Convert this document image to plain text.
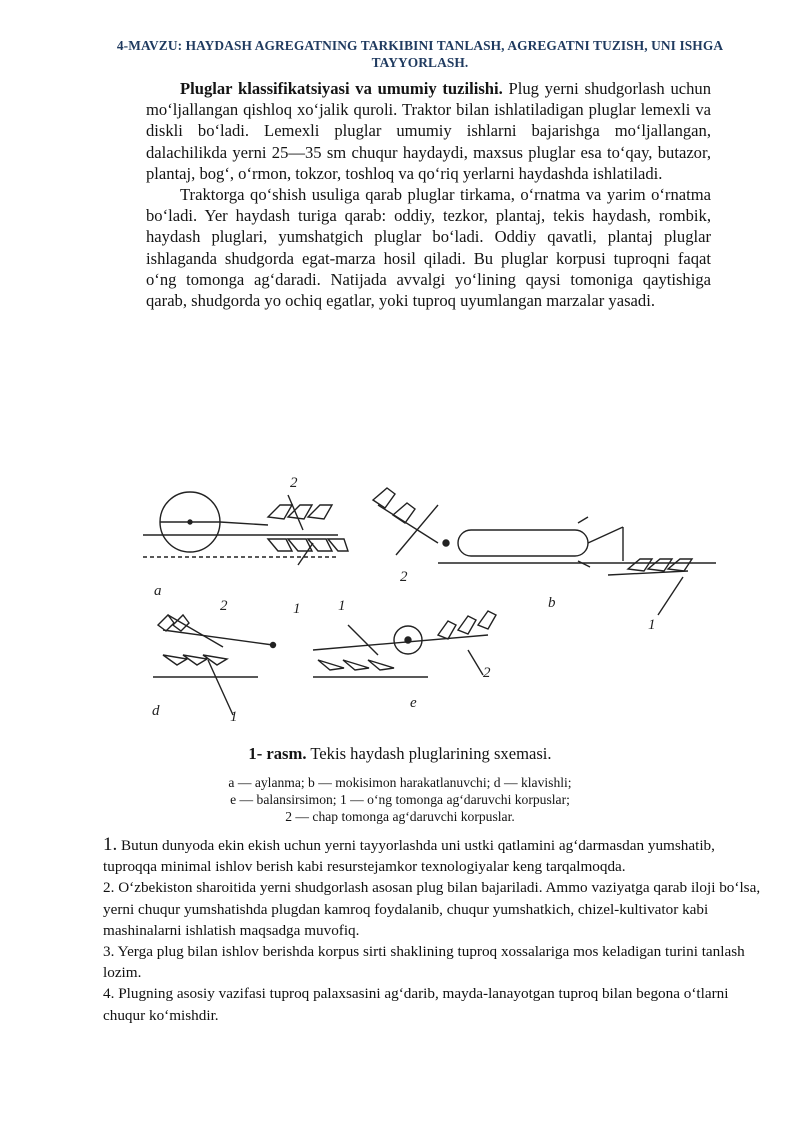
4-MAVZU: HAYDASH AGREGATNING TARKIBINI TANLASH, AGREGATNI TUZISH, UNI ISHGA TAYYORLASH.

Pluglar klassifikatsiyasi va umumiy tuzilishi. Plug yerni shudgorlash uchun moʻljallangan qishloq xoʻjalik quroli. Traktor bilan ishlatiladigan pluglar lemexli va diskli boʻladi. Lemexli pluglar umumiy ishlarni bajarishga moʻljallangan, dalachilikda yerni 25—35 sm chuqur haydaydi, maxsus pluglar esa toʻqay, butazor, plantaj, bogʻ, oʻrmon, tokzor, toshloq va qoʻriq yerlarni haydashda ishlatiladi.

Traktorga qoʻshish usuliga qarab pluglar tirkama, oʻrnatma va yarim oʻrnatma boʻladi. Yer haydash turiga qarab: oddiy, tezkor, plantaj, tekis haydash, rombik, haydash pluglari, yumshatgich pluglar boʻladi. Oddiy qavatli, plantaj pluglar ishlaganda shudgorda egat-marza hosil qiladi. Bu pluglar korpusi tuproqni faqat oʻng tomonga agʻdaradi. Natijada avvalgi yoʻlining qaysi tomoniga qaytishiga qarab, shudgorda yo ochiq egatlar, yoki tuproq uyumlangan marzalar yasadi.

a
2
1
2
b
1
2
d	1
1
e
2
1- rasm. Tekis haydash pluglarining sxemasi.
a — aylanma; b — mokisimon harakatlanuvchi; d — klavishli;
e — balansirsimon; 1 — oʻng tomonga agʻdaruvchi korpuslar;
2 — chap tomonga agʻdaruvchi korpuslar.

1. Butun dunyoda ekin ekish uchun yerni tayyorlashda uni ustki qatlamini agʻdarmasdan yumshatib, tuproqqa minimal ishlov berish kabi resurstejamkor texnologiyalar keng tarqalmoqda.

2. Oʻzbekiston sharoitida yerni shudgorlash asosan plug bilan bajariladi. Ammo vaziyatga qarab iloji boʻlsa, yerni chuqur yumshatishda plugdan kamroq foydalanib, chuqur yumshatkich, chizel-kultivator kabi mashinalarni ishlatish maqsadga muvofiq.

3. Yerga plug bilan ishlov berishda korpus sirti shaklining tuproq xossalariga mos keladigan turini tanlash lozim.

4. Plugning asosiy vazifasi tuproq palaxsasini agʻdarib, mayda-lanayotgan tuproq bilan begona oʻtlarni chuqur koʻmishdir.
